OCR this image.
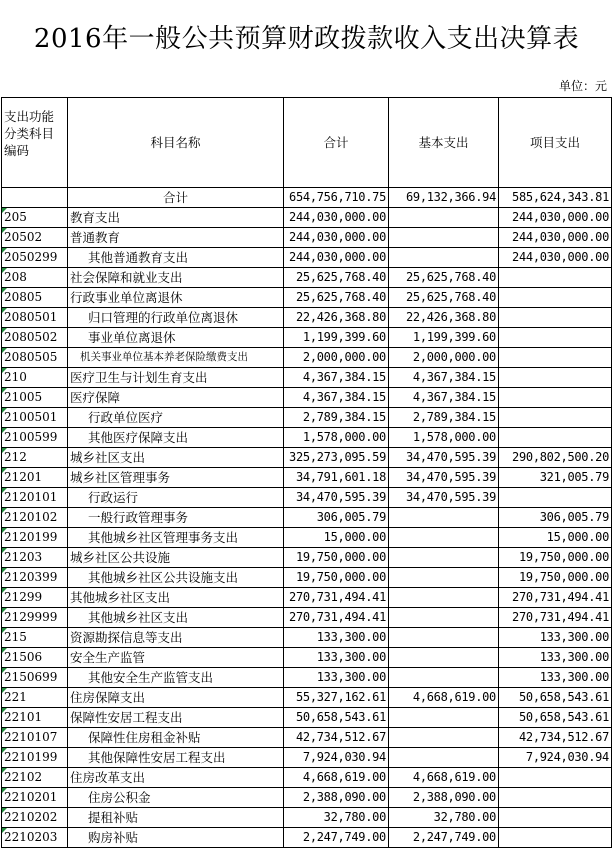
2016年一般公共预算财政拨款收入支出决算表
单位：元
支出功能分类科目编码	科目名称	合计	基本支出	项目支出
	合计	654,756,710.75	69,132,366.94	585,624,343.81
205	教育支出	244,030,000.00		244,030,000.00
20502	普通教育	244,030,000.00		244,030,000.00
2050299	其他普通教育支出	244,030,000.00		244,030,000.00
208	社会保障和就业支出	25,625,768.40	25,625,768.40	
20805	行政事业单位离退休	25,625,768.40	25,625,768.40	
2080501	归口管理的行政单位离退休	22,426,368.80	22,426,368.80	
2080502	事业单位离退休	1,199,399.60	1,199,399.60	
2080505	机关事业单位基本养老保险缴费支出	2,000,000.00	2,000,000.00	
210	医疗卫生与计划生育支出	4,367,384.15	4,367,384.15	
21005	医疗保障	4,367,384.15	4,367,384.15	
2100501	行政单位医疗	2,789,384.15	2,789,384.15	
2100599	其他医疗保障支出	1,578,000.00	1,578,000.00	
212	城乡社区支出	325,273,095.59	34,470,595.39	290,802,500.20
21201	城乡社区管理事务	34,791,601.18	34,470,595.39	321,005.79
2120101	行政运行	34,470,595.39	34,470,595.39	
2120102	一般行政管理事务	306,005.79		306,005.79
2120199	其他城乡社区管理事务支出	15,000.00		15,000.00
21203	城乡社区公共设施	19,750,000.00		19,750,000.00
2120399	其他城乡社区公共设施支出	19,750,000.00		19,750,000.00
21299	其他城乡社区支出	270,731,494.41		270,731,494.41
2129999	其他城乡社区支出	270,731,494.41		270,731,494.41
215	资源勘探信息等支出	133,300.00		133,300.00
21506	安全生产监管	133,300.00		133,300.00
2150699	其他安全生产监管支出	133,300.00		133,300.00
221	住房保障支出	55,327,162.61	4,668,619.00	50,658,543.61
22101	保障性安居工程支出	50,658,543.61		50,658,543.61
2210107	保障性住房租金补贴	42,734,512.67		42,734,512.67
2210199	其他保障性安居工程支出	7,924,030.94		7,924,030.94
22102	住房改革支出	4,668,619.00	4,668,619.00	
2210201	住房公积金	2,388,090.00	2,388,090.00	
2210202	提租补贴	32,780.00	32,780.00	
2210203	购房补贴	2,247,749.00	2,247,749.00	
